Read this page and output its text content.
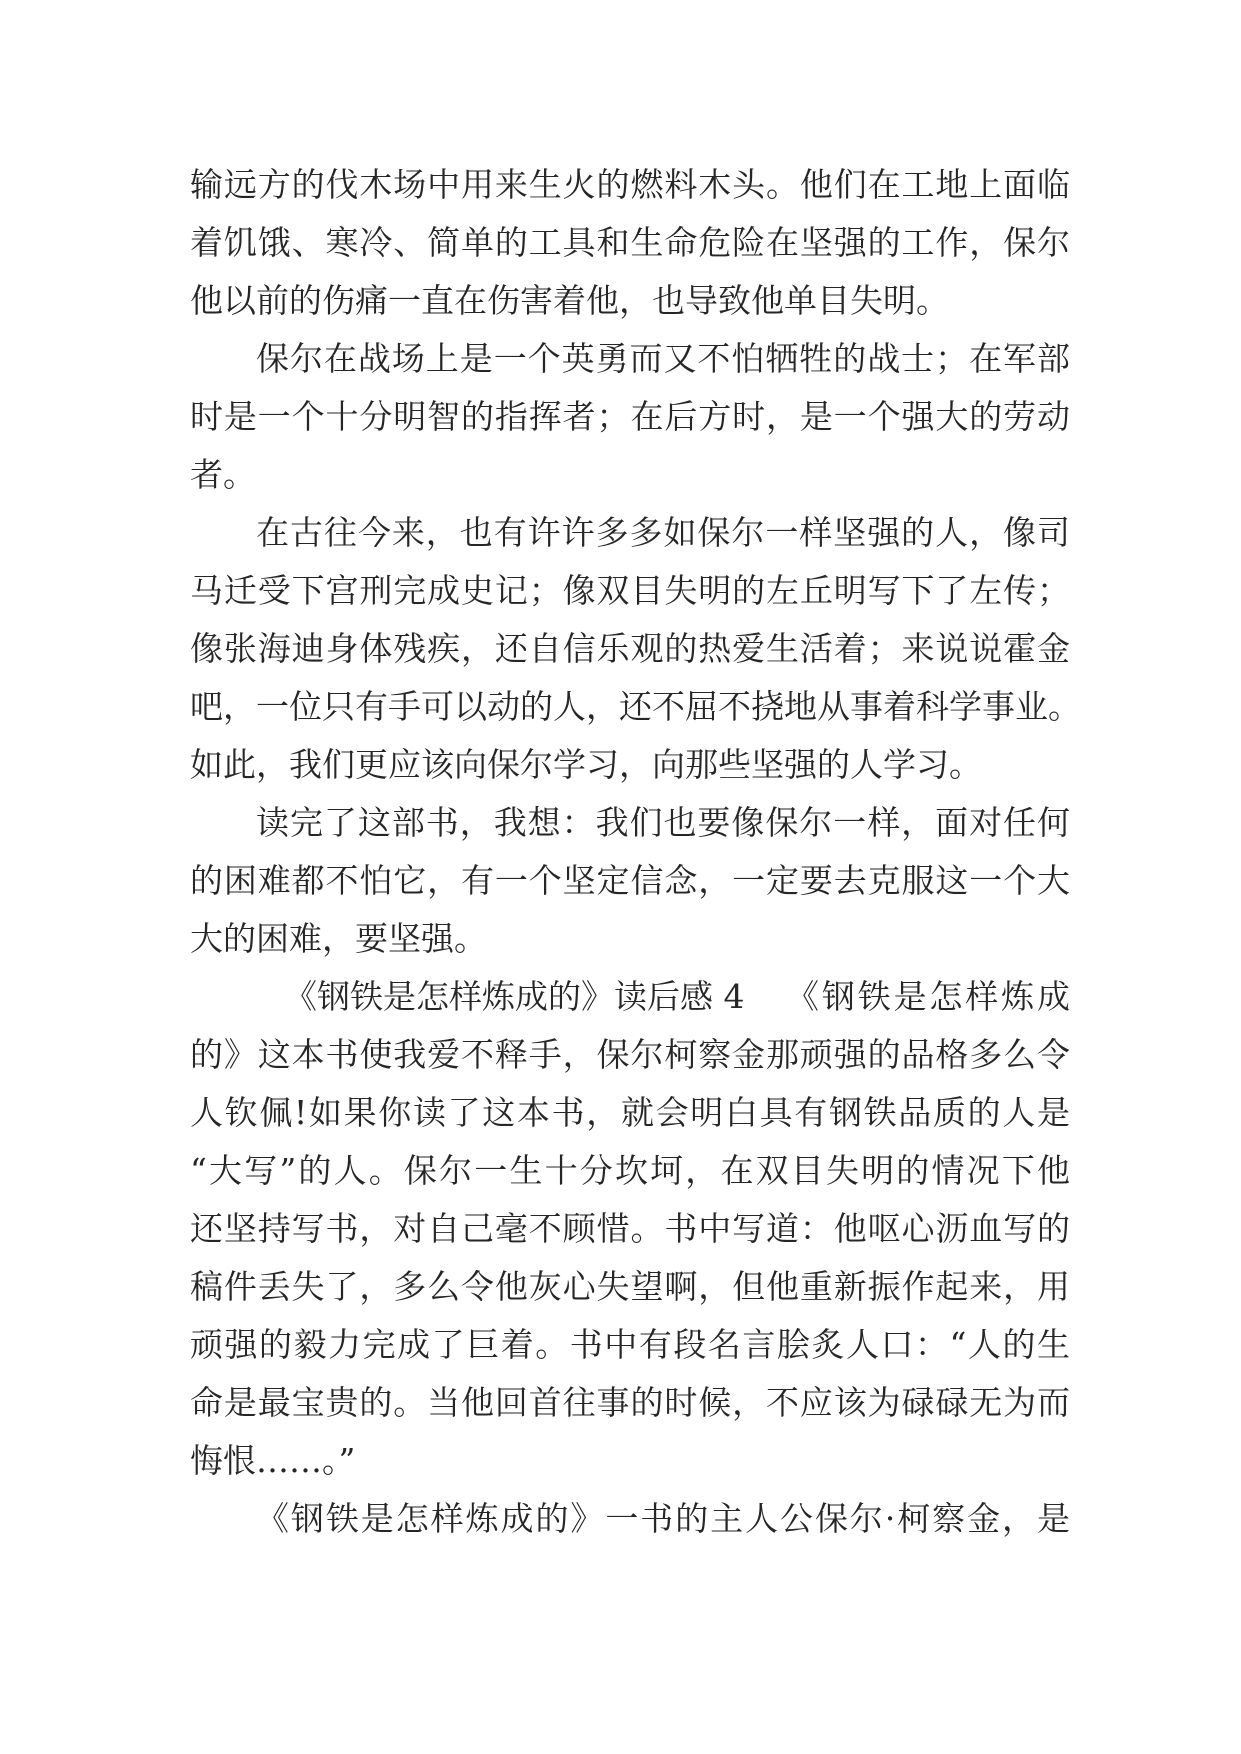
输远方的伐木场中用来生火的燃料木头。他们在工地上面临
着饥饿、寒冷、简单的工具和生命危险在坚强的工作，保尔
他以前的伤痛一直在伤害着他，也导致他单目失明。
保尔在战场上是一个英勇而又不怕牺牲的战士；在军部
时是一个十分明智的指挥者；在后方时，是一个强大的劳动
者。
在古往今来，也有许许多多如保尔一样坚强的人，像司
马迁受下宫刑完成史记；像双目失明的左丘明写下了左传；
像张海迪身体残疾，还自信乐观的热爱生活着；来说说霍金
吧，一位只有手可以动的人，还不屈不挠地从事着科学事业。
如此，我们更应该向保尔学习，向那些坚强的人学习。
读完了这部书，我想：我们也要像保尔一样，面对任何
的困难都不怕它，有一个坚定信念，一定要去克服这一个大
大的困难，要坚强。
《钢铁是怎样炼成的》读后感 4 《钢铁是怎样炼成
的》这本书使我爱不释手，保尔柯察金那顽强的品格多么令
人钦佩!如果你读了这本书，就会明白具有钢铁品质的人是
“大写”的人。保尔一生十分坎坷，在双目失明的情况下他
还坚持写书，对自己毫不顾惜。书中写道：他呕心沥血写的
稿件丢失了，多么令他灰心失望啊，但他重新振作起来，用
顽强的毅力完成了巨着。书中有段名言脍炙人口：“人的生
命是最宝贵的。当他回首往事的时候，不应该为碌碌无为而
悔恨……。”
《钢铁是怎样炼成的》一书的主人公保尔·柯察金，是
